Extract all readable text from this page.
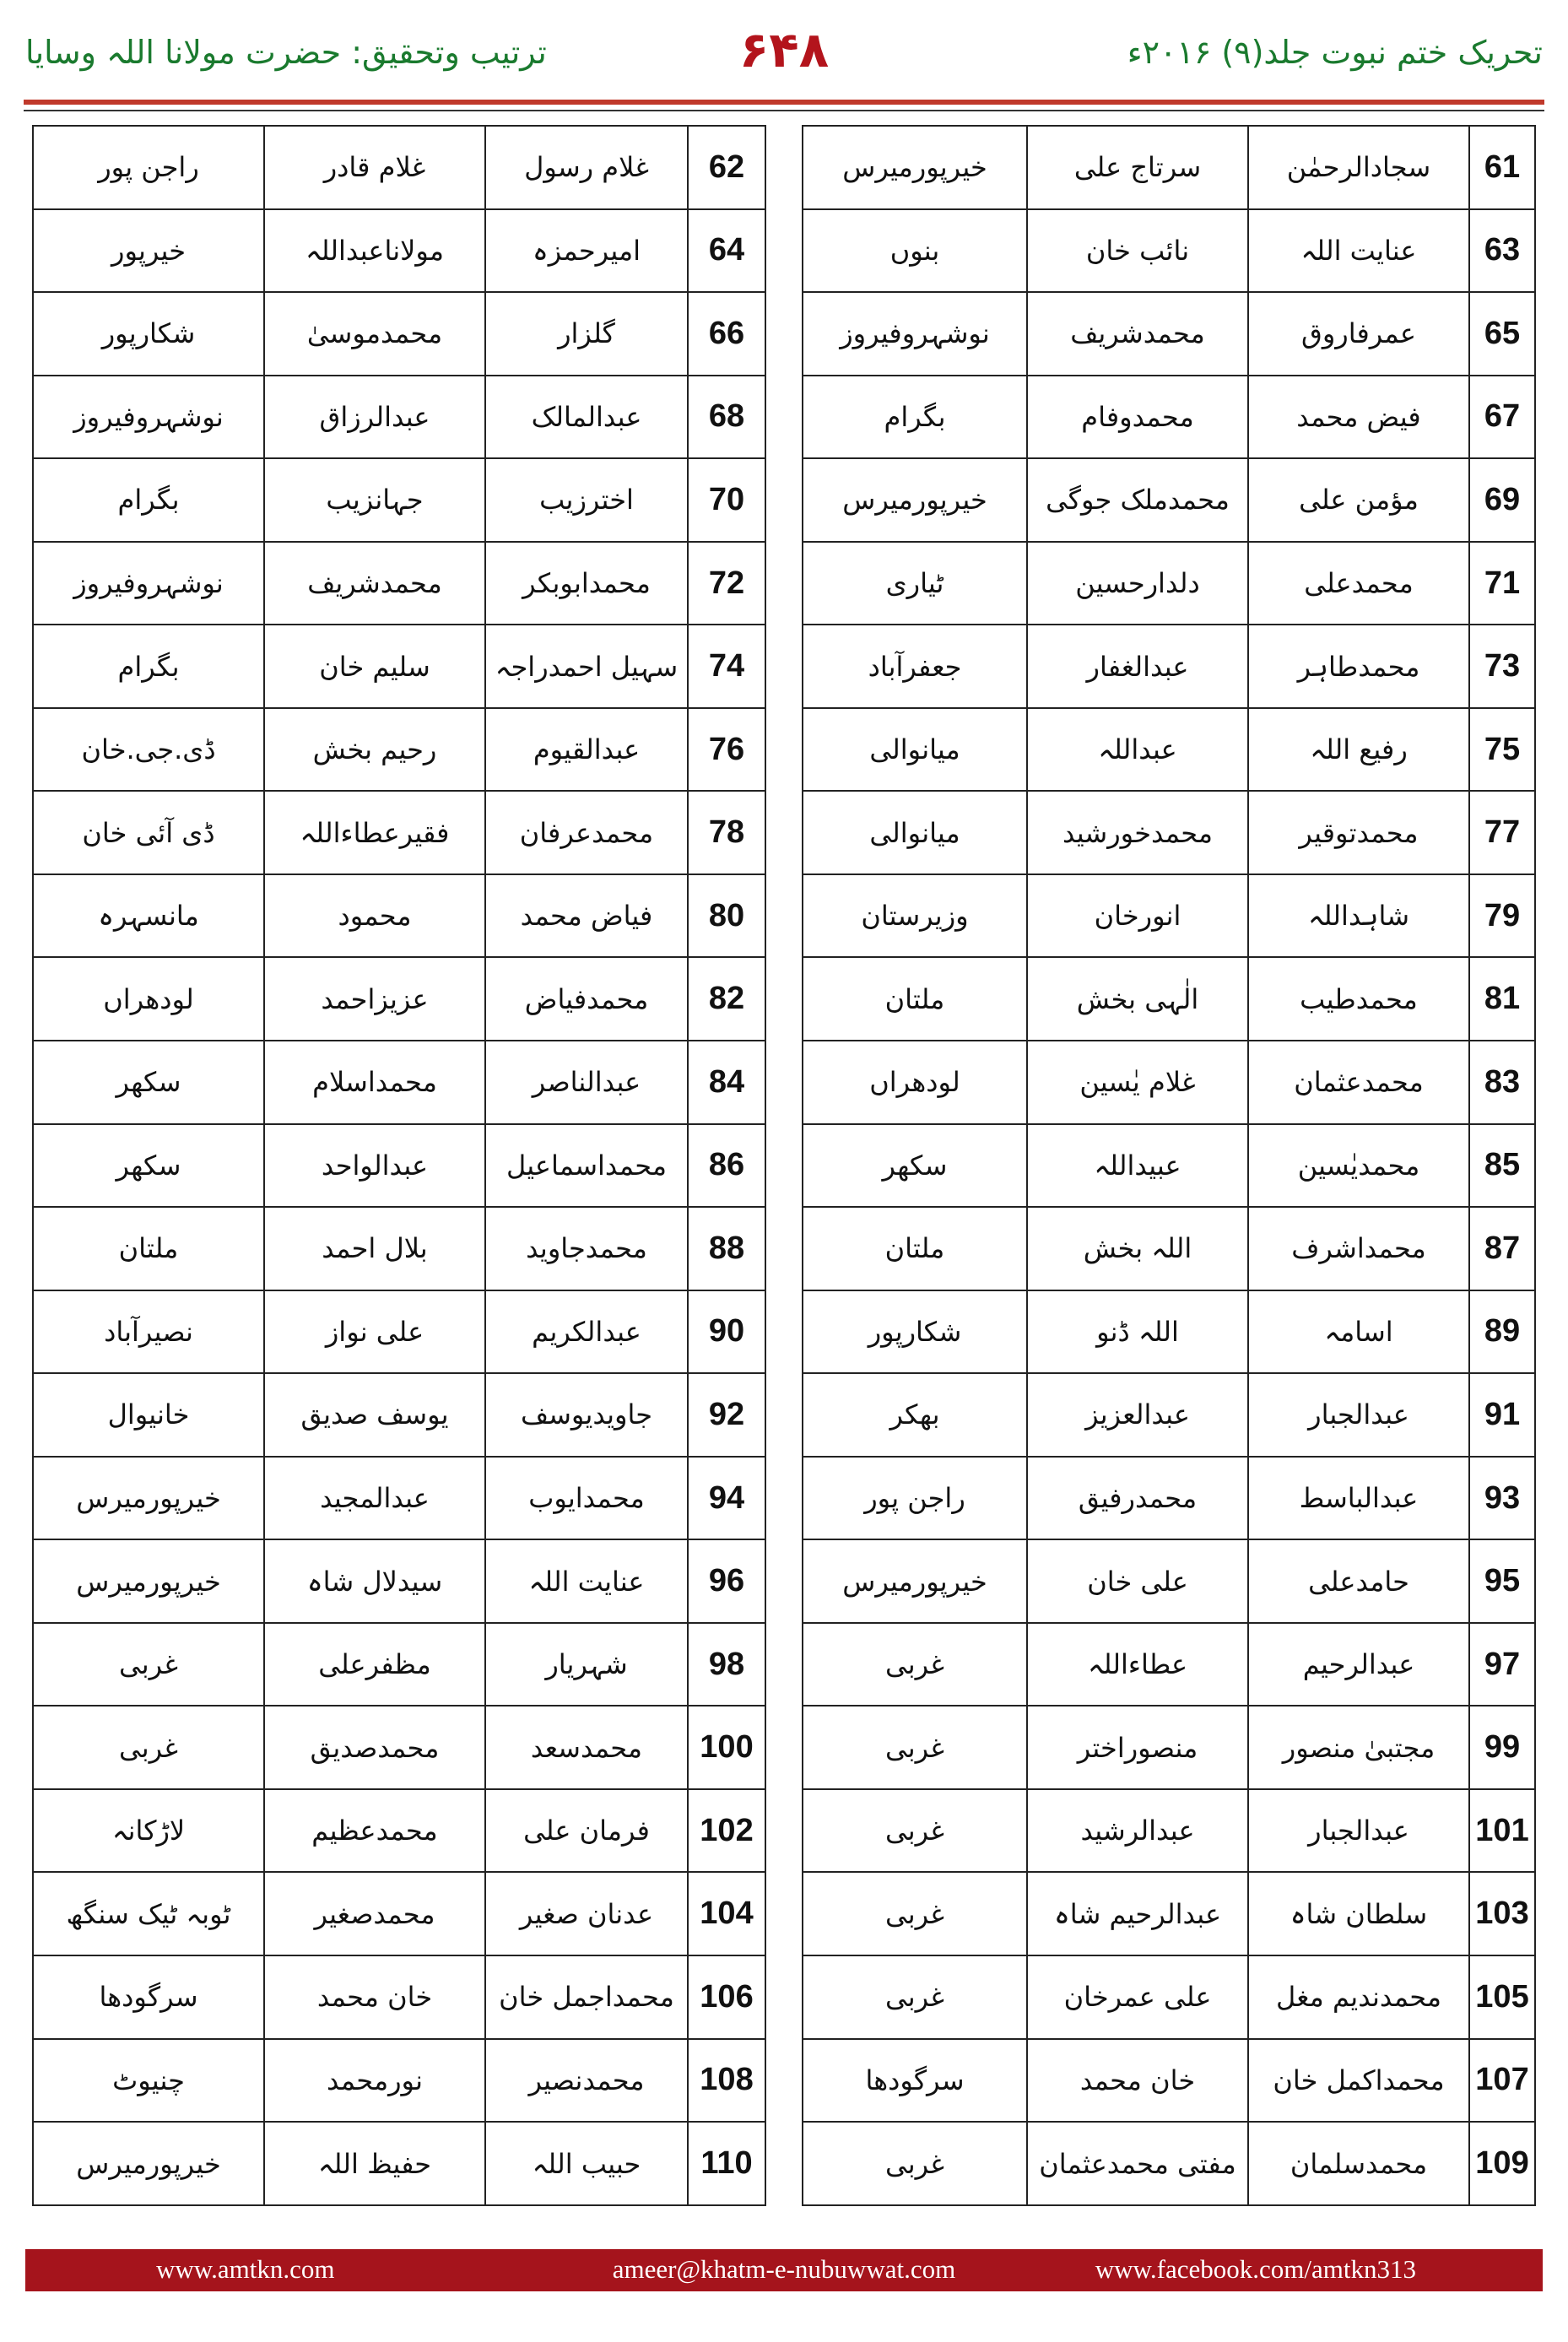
تحریک ختم نبوت جلد(۹) ۲۰۱۶ء
۶۴۸
ترتیب وتحقیق: حضرت مولانا اللہ وسایا
61	سجادالرحمٰن	سرتاج علی	خیرپورمیرس
63	عنایت اللہ	نائب خان	بنوں
65	عمرفاروق	محمدشریف	نوشہروفیروز
67	فیض محمد	محمدوفام	بگرام
69	مؤمن علی	محمدملک جوگی	خیرپورمیرس
71	محمدعلی	دلدارحسین	ٹیاری
73	محمدطاہر	عبدالغفار	جعفرآباد
75	رفیع اللہ	عبداللہ	میانوالی
77	محمدتوقیر	محمدخورشید	میانوالی
79	شاہداللہ	انورخان	وزیرستان
81	محمدطیب	الٰہی بخش	ملتان
83	محمدعثمان	غلام یٰسین	لودھراں
85	محمدیٰسین	عبیداللہ	سکھر
87	محمداشرف	اللہ بخش	ملتان
89	اسامہ	اللہ ڈنو	شکارپور
91	عبدالجبار	عبدالعزیز	بھکر
93	عبدالباسط	محمدرفیق	راجن پور
95	حامدعلی	علی خان	خیرپورمیرس
97	عبدالرحیم	عطاءاللہ	غربی
99	مجتبیٰ منصور	منصوراختر	غربی
101	عبدالجبار	عبدالرشید	غربی
103	سلطان شاہ	عبدالرحیم شاہ	غربی
105	محمدندیم مغل	علی عمرخان	غربی
107	محمداکمل خان	خان محمد	سرگودھا
109	محمدسلمان	مفتی محمدعثمان	غربی
62	غلام رسول	غلام قادر	راجن پور
64	امیرحمزہ	مولاناعبداللہ	خیرپور
66	گلزار	محمدموسیٰ	شکارپور
68	عبدالمالک	عبدالرزاق	نوشہروفیروز
70	اخترزیب	جہانزیب	بگرام
72	محمدابوبکر	محمدشریف	نوشہروفیروز
74	سہیل احمدراجہ	سلیم خان	بگرام
76	عبدالقیوم	رحیم بخش	ڈی.جی.خان
78	محمدعرفان	فقیرعطاءاللہ	ڈی آئی خان
80	فیاض محمد	محمود	مانسہرہ
82	محمدفیاض	عزیزاحمد	لودھراں
84	عبدالناصر	محمداسلام	سکھر
86	محمداسماعیل	عبدالواحد	سکھر
88	محمدجاوید	بلال احمد	ملتان
90	عبدالکریم	علی نواز	نصیرآباد
92	جاویدیوسف	یوسف صدیق	خانیوال
94	محمدایوب	عبدالمجید	خیرپورمیرس
96	عنایت اللہ	سیدلال شاہ	خیرپورمیرس
98	شہریار	مظفرعلی	غربی
100	محمدسعد	محمدصدیق	غربی
102	فرمان علی	محمدعظیم	لاڑکانہ
104	عدنان صغیر	محمدصغیر	ٹوبہ ٹیک سنگھ
106	محمداجمل خان	خان محمد	سرگودھا
108	محمدنصیر	نورمحمد	چنیوٹ
110	حبیب اللہ	حفیظ اللہ	خیرپورمیرس
www.amtkn.com	ameer@khatm-e-nubuwwat.com	www.facebook.com/amtkn313
